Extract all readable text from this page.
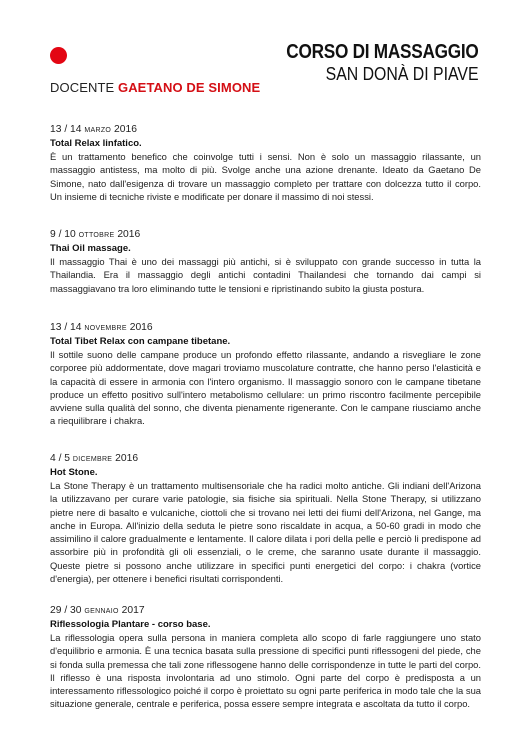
CORSO DI MASSAGGIO
SAN DONÀ DI PIAVE
DOCENTE GAETANO DE SIMONE
13 / 14 MARZO 2016
Total Relax linfatico.

È un trattamento benefico che coinvolge tutti i sensi. Non è solo un massaggio rilassante, un massaggio antistess, ma molto di più. Svolge anche una azione drenante. Ideato da Gaetano De Simone, nato dall'esigenza di trovare un massaggio completo per trattare con dolcezza tutto il corpo. Un insieme di tecniche riviste e modificate per donare il massimo di noi stessi.

9 / 10 OTTOBRE 2016
Thai Oil massage.

Il massaggio Thai è uno dei massaggi più antichi, si è sviluppato con grande successo in tutta la Thailandia. Era il massaggio degli antichi contadini Thailandesi che tornando dai campi si massaggiavano tra loro eliminando tutte le tensioni e ripristinando subito la giusta postura.

13 / 14 NOVEMBRE 2016
Total Tibet Relax con campane tibetane.

Il sottile suono delle campane produce un profondo effetto rilassante, andando a risvegliare le zone corporee più addormentate, dove magari troviamo muscolature contratte, che hanno perso l'elasticità e la capacità di essere in armonia con l'intero organismo. Il massaggio sonoro con le campane tibetane produce un effetto positivo sull'intero metabolismo cellulare: un primo riscontro facilmente percepibile avviene sulla qualità del sonno, che diventa pienamente rigenerante. Con le campane riusciamo anche a riequilibrare i chakra.

4 / 5 DICEMBRE 2016
Hot Stone.

La Stone Therapy è un trattamento multisensoriale che ha radici molto antiche. Gli indiani dell'Arizona la utilizzavano per curare varie patologie, sia fisiche sia spirituali. Nella Stone Therapy, si utilizzano pietre nere di basalto e vulcaniche, ciottoli che si trovano nei letti dei fiumi dell'Arizona, nel Gange, ma anche in Europa. All'inizio della seduta le pietre sono riscaldate in acqua, a 50-60 gradi in modo che assimilino il calore gradualmente e lentamente. Il calore dilata i pori della pelle e perciò li predispone ad assorbire più in profondità gli oli essenziali, o le creme, che saranno usate durante il massaggio. Queste pietre si possono anche utilizzare in specifici punti energetici del corpo: i chakra (vortice d'energia), per ottenere i benefici risultati corrispondenti.

29 / 30 GENNAIO 2017
Riflessologia Plantare - corso base.

La riflessologia opera sulla persona in maniera completa allo scopo di farle raggiungere uno stato d'equilibrio e armonia. È una tecnica basata sulla pressione di specifici punti riflessogeni del piede, che si fonda sulla premessa che tali zone riflessogene hanno delle corrispondenze in tutte le parti del corpo. Il riflesso è una risposta involontaria ad uno stimolo. Ogni parte del corpo è predisposta a un interessamento riflessologico poiché il corpo è proiettato su ogni parte periferica in modo tale che la sua situazione generale, centrale e periferica, possa essere sempre integrata e ascoltata da tutto il corpo.
